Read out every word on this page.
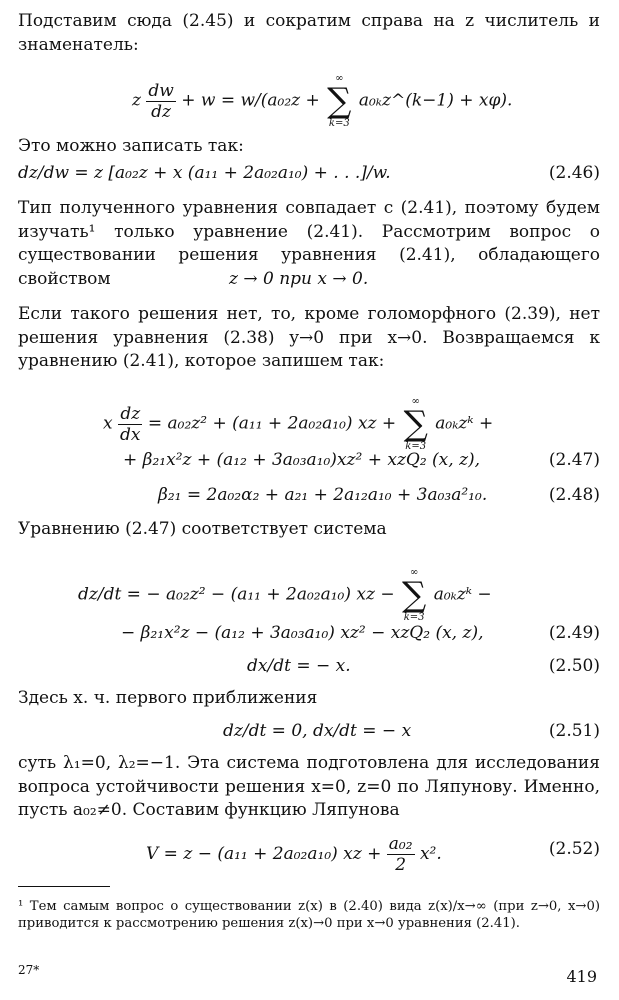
Подставим сюда (2.45) и сократим справа на z числитель и знаменатель:
z $\frac{dw}{dz} + w = w/(a_{02}z$ +
∞
∑
k=3
a₀ₖz^(k−1) + xφ).
Это можно записать так:
dz/dw = z [a₀₂z + x (a₁₁ + 2a₀₂a₁₀) + . . .]/w.	(2.46)
Тип полученного уравнения совпадает с (2.41), поэтому будем изучать¹ только уравнение (2.41). Рассмотрим вопрос о существовании решения уравнения (2.41), обладающего свойством	z → 0 при x → 0.
Если такого решения нет, то, кроме голоморфного (2.39), нет решения уравнения (2.38) y→0 при x→0. Возвращаемся к уравнению (2.41), которое запишем так:
x $\frac{dz}{dx} = a_{02}z^2 + (a_{11} + 2a_{02}a_{10})$ xz +
∞
∑
k=3
a₀ₖzᵏ +
+ β₂₁x²z + (a₁₂ + 3a₀₃a₁₀)xz² + xzQ₂ (x, z),	(2.47)
β₂₁ = 2a₀₂α₂ + a₂₁ + 2a₁₂a₁₀ + 3a₀₃a²₁₀.	(2.48)
Уравнению (2.47) соответствует система
dz/dt = − a₀₂z² − (a₁₁ + 2a₀₂a₁₀) xz −
∞
∑
k=3
a₀ₖzᵏ −
− β₂₁x²z − (a₁₂ + 3a₀₃a₁₀) xz² − xzQ₂ (x, z),	(2.49)
dx/dt = − x.	(2.50)
Здесь х. ч. первого приближения
dz/dt = 0, dx/dt = − x	(2.51)
суть λ₁=0, λ₂=−1. Эта система подготовлена для исследования вопроса устойчивости решения x=0, z=0 по Ляпунову. Именно, пусть a₀₂≠0. Составим функцию Ляпунова
V = z − (a₁₁ + 2a₀₂a₁₀) xz + $\frac{\text{a₀₂}}{2} x^2$.	(2.52)
¹ Тем самым вопрос о существовании z(x) в (2.40) вида z(x)/x→∞ (при z→0, x→0) приводится к рассмотрению решения z(x)→0 при x→0 уравнения (2.41).
27*	419
